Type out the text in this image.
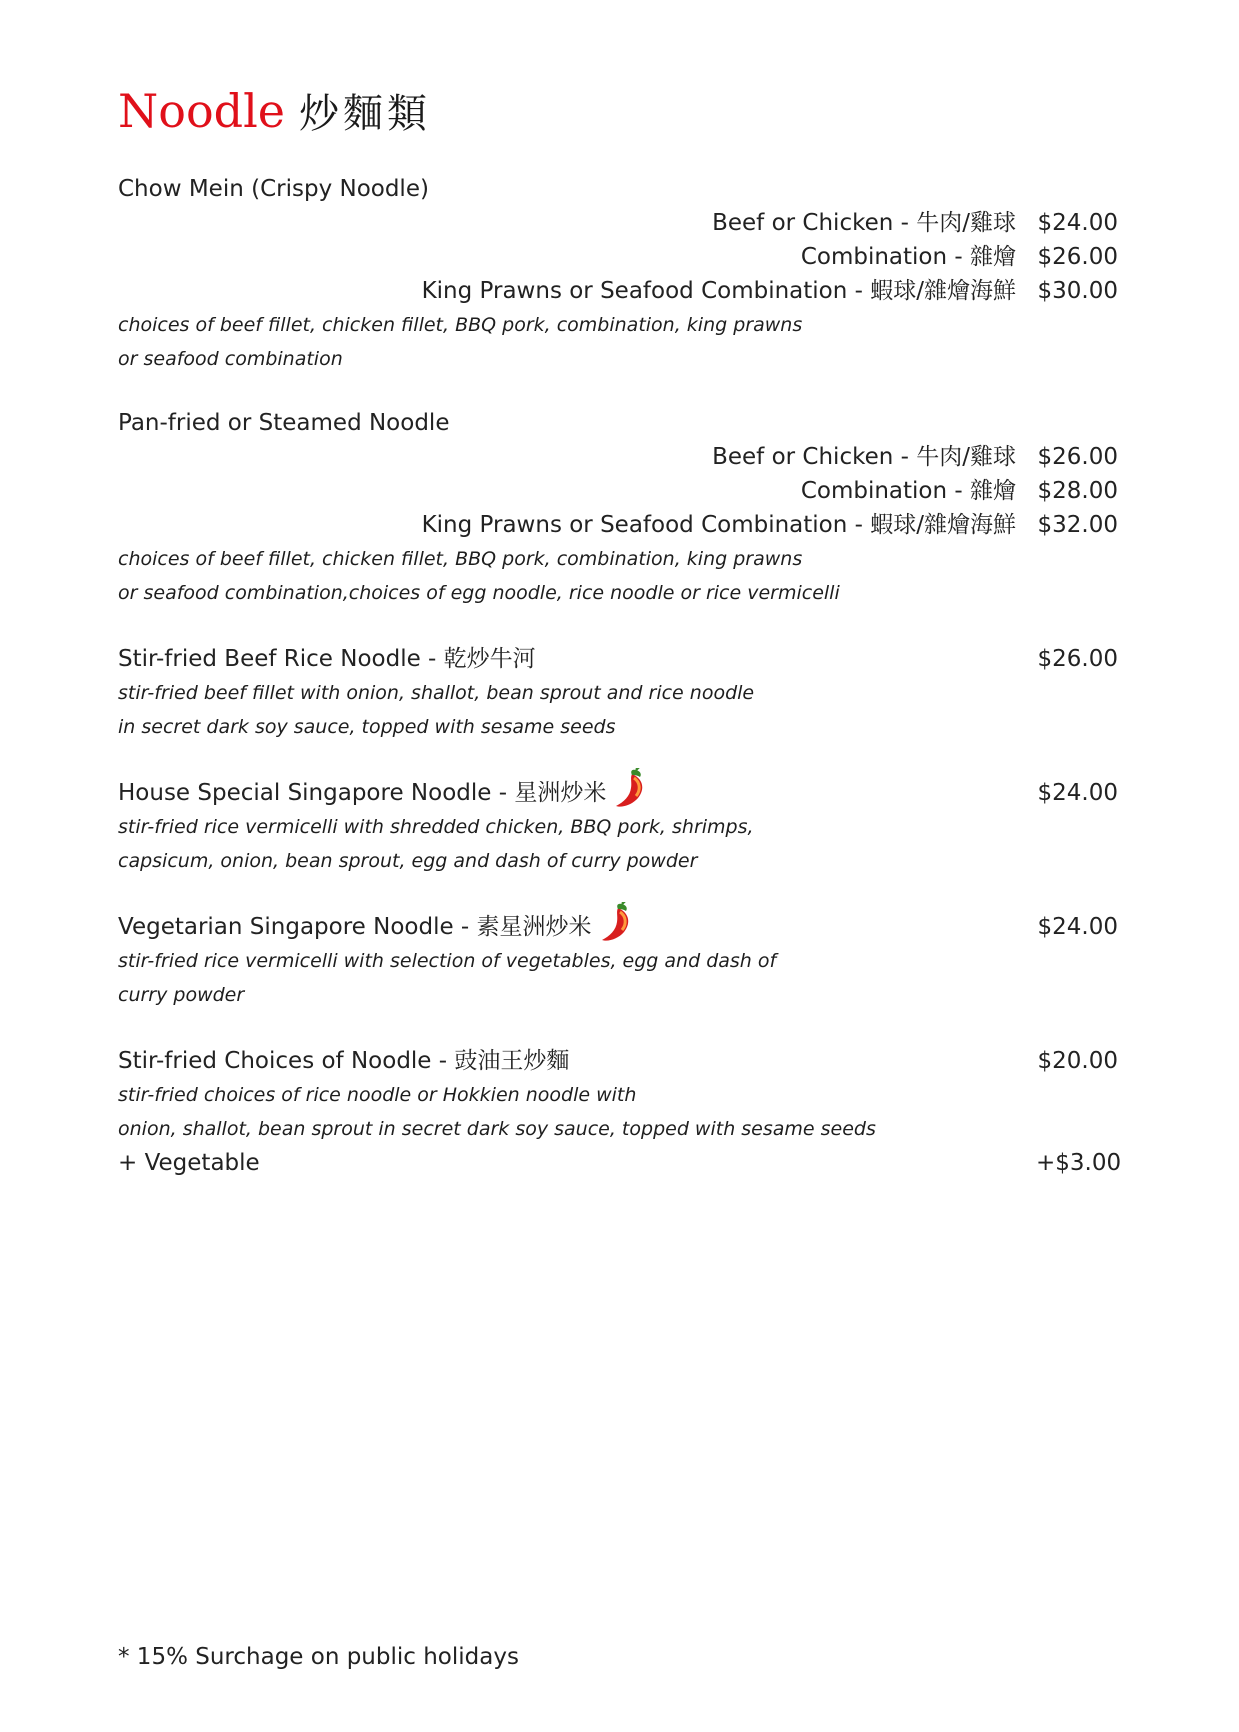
Noodle 炒麵類
Chow Mein (Crispy Noodle)
Beef or Chicken - 牛肉/雞球 $24.00
Combination - 雜燴 $26.00
King Prawns or Seafood Combination - 蝦球/雜燴海鮮 $30.00
choices of beef fillet, chicken fillet, BBQ pork, combination, king prawns
or seafood combination
Pan-fried or Steamed Noodle
Beef or Chicken - 牛肉/雞球 $26.00
Combination - 雜燴 $28.00
King Prawns or Seafood Combination - 蝦球/雜燴海鮮 $32.00
choices of beef fillet, chicken fillet, BBQ pork, combination, king prawns
or seafood combination,choices of egg noodle, rice noodle or rice vermicelli
Stir-fried Beef Rice Noodle - 乾炒牛河	$26.00
stir-fried beef fillet with onion, shallot, bean sprout and rice noodle
in secret dark soy sauce, topped with sesame seeds
House Special Singapore Noodle - 星洲炒米	$24.00
stir-fried rice vermicelli with shredded chicken, BBQ pork, shrimps,
capsicum, onion, bean sprout, egg and dash of curry powder
Vegetarian Singapore Noodle - 素星洲炒米	$24.00
stir-fried rice vermicelli with selection of vegetables, egg and dash of
curry powder
Stir-fried Choices of Noodle - 豉油王炒麵	$20.00
stir-fried choices of rice noodle or Hokkien noodle with
onion, shallot, bean sprout in secret dark soy sauce, topped with sesame seeds
+ Vegetable	+$3.00
* 15% Surchage on public holidays
